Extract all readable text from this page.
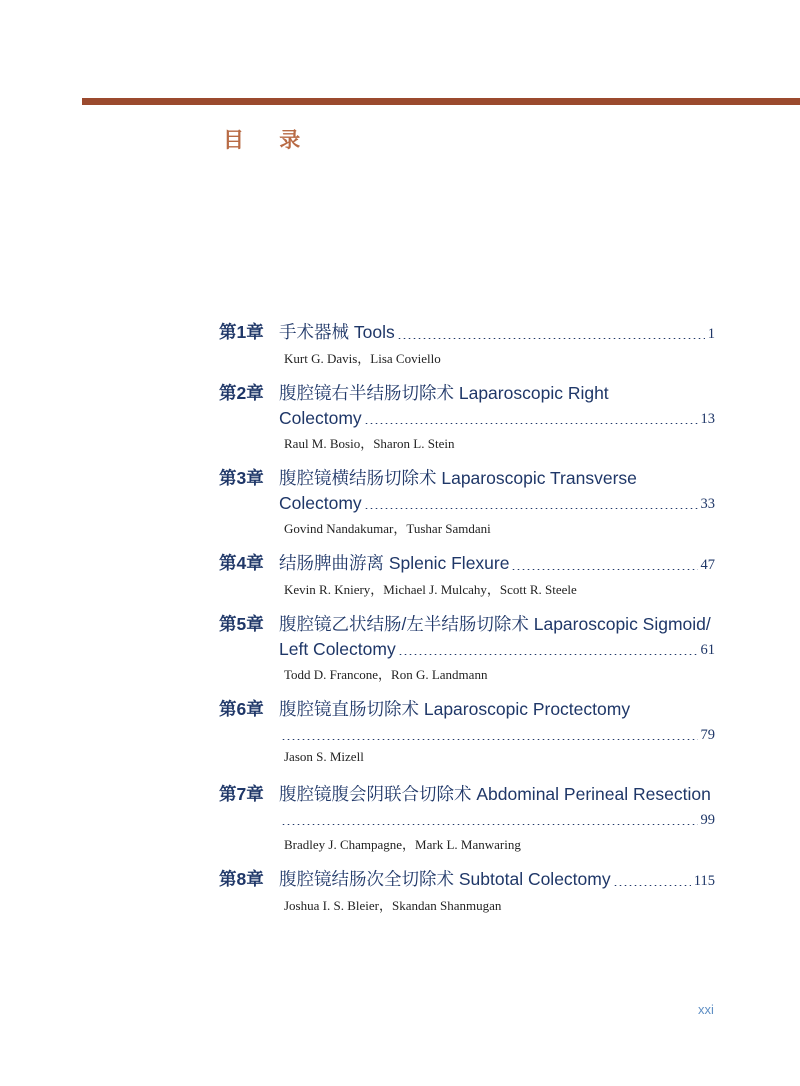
目 录
第1章 手术器械 Tools	1
Kurt G. Davis，Lisa Coviello
第2章 腹腔镜右半结肠切除术 Laparoscopic Right
Colectomy	13
Raul M. Bosio，Sharon L. Stein
第3章 腹腔镜横结肠切除术 Laparoscopic Transverse
Colectomy	33
Govind Nandakumar，Tushar Samdani
第4章 结肠脾曲游离 Splenic Flexure	47
Kevin R. Kniery，Michael J. Mulcahy，Scott R. Steele
第5章 腹腔镜乙状结肠/左半结肠切除术 Laparoscopic Sigmoid/
Left Colectomy	61
Todd D. Francone，Ron G. Landmann
第6章 腹腔镜直肠切除术 Laparoscopic Proctectomy
79
Jason S. Mizell
第7章 腹腔镜腹会阴联合切除术 Abdominal Perineal Resection
99
Bradley J. Champagne，Mark L. Manwaring
第8章 腹腔镜结肠次全切除术 Subtotal Colectomy	115
Joshua I. S. Bleier，Skandan Shanmugan
xxi
